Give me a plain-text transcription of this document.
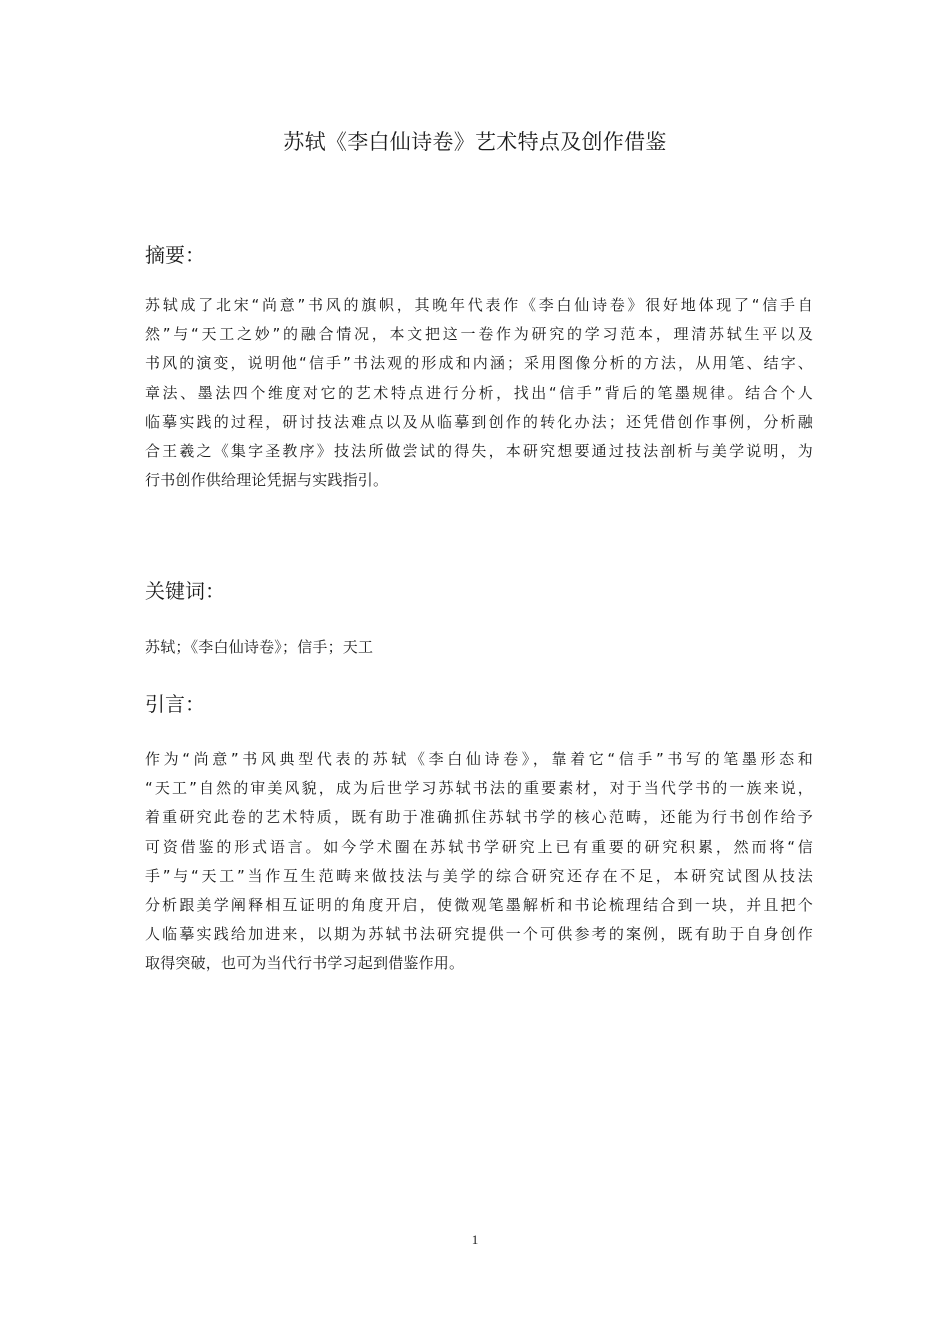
苏轼《李白仙诗卷》艺术特点及创作借鉴
摘要：
苏轼成了北宋“尚意”书风的旗帜，其晚年代表作《李白仙诗卷》很好地体现了“信手自
然”与“天工之妙”的融合情况，本文把这一卷作为研究的学习范本，理清苏轼生平以及
书风的演变，说明他“信手”书法观的形成和内涵；采用图像分析的方法，从用笔、结字、
章法、墨法四个维度对它的艺术特点进行分析，找出“信手”背后的笔墨规律。结合个人
临摹实践的过程，研讨技法难点以及从临摹到创作的转化办法；还凭借创作事例，分析融
合王羲之《集字圣教序》技法所做尝试的得失，本研究想要通过技法剖析与美学说明，为
行书创作供给理论凭据与实践指引。
关键词：
苏轼；《李白仙诗卷》；信手；天工
引言：
作为“尚意”书风典型代表的苏轼《李白仙诗卷》，靠着它“信手”书写的笔墨形态和
“天工”自然的审美风貌，成为后世学习苏轼书法的重要素材，对于当代学书的一族来说，
着重研究此卷的艺术特质，既有助于准确抓住苏轼书学的核心范畴，还能为行书创作给予
可资借鉴的形式语言。如今学术圈在苏轼书学研究上已有重要的研究积累，然而将“信
手”与“天工”当作互生范畴来做技法与美学的综合研究还存在不足，本研究试图从技法
分析跟美学阐释相互证明的角度开启，使微观笔墨解析和书论梳理结合到一块，并且把个
人临摹实践给加进来，以期为苏轼书法研究提供一个可供参考的案例，既有助于自身创作
取得突破，也可为当代行书学习起到借鉴作用。
1
